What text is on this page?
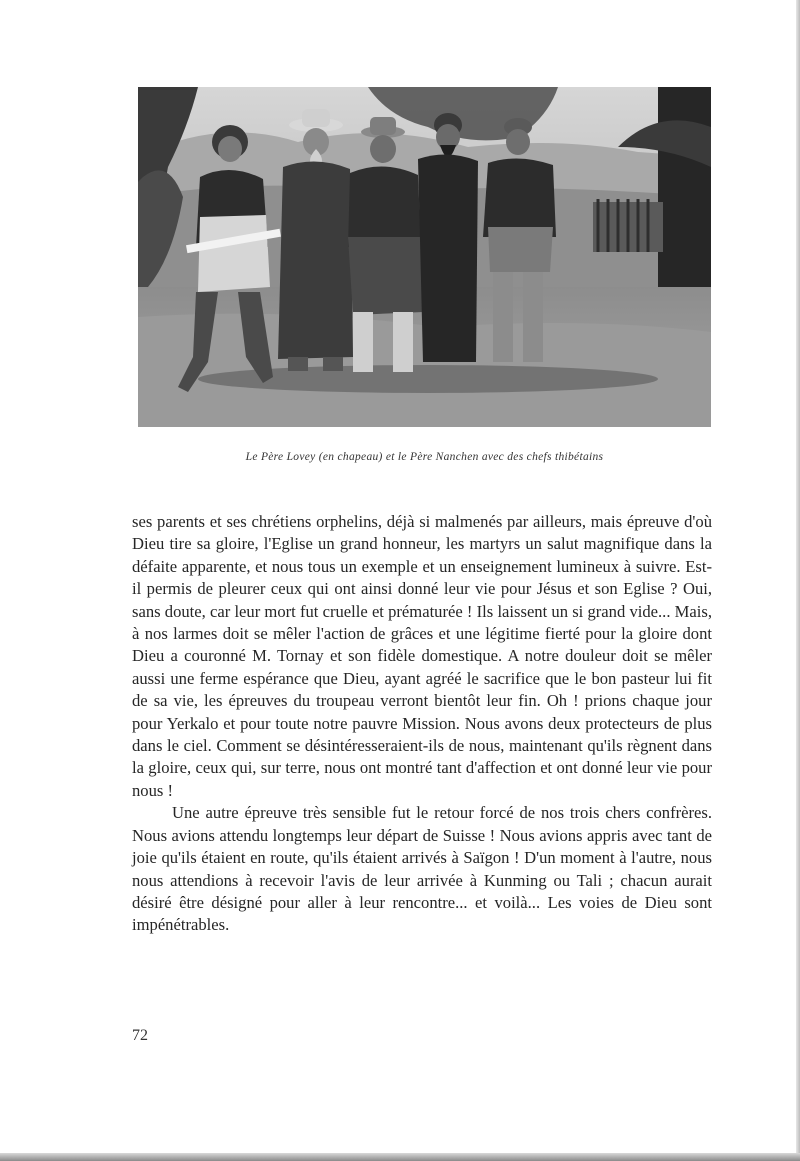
Le Père Lovey (en chapeau) et le Père Nanchen avec des chefs thibétains

ses parents et ses chrétiens orphelins, déjà si malmenés par ailleurs, mais épreuve d'où Dieu tire sa gloire, l'Eglise un grand honneur, les martyrs un salut magnifique dans la défaite apparente, et nous tous un exemple et un enseignement lumineux à suivre. Est-il permis de pleurer ceux qui ont ainsi donné leur vie pour Jésus et son Eglise ? Oui, sans doute, car leur mort fut cruelle et prématurée ! Ils laissent un si grand vide... Mais, à nos larmes doit se mêler l'action de grâces et une légitime fierté pour la gloire dont Dieu a couronné M. Tornay et son fidèle domestique. A notre douleur doit se mêler aussi une ferme espérance que Dieu, ayant agréé le sacrifice que le bon pasteur lui fit de sa vie, les épreuves du troupeau verront bientôt leur fin. Oh ! prions chaque jour pour Yerkalo et pour toute notre pauvre Mission. Nous avons deux protecteurs de plus dans le ciel. Comment se désintéresseraient-ils de nous, maintenant qu'ils règnent dans la gloire, ceux qui, sur terre, nous ont montré tant d'affection et ont donné leur vie pour nous !

Une autre épreuve très sensible fut le retour forcé de nos trois chers confrères. Nous avions attendu longtemps leur départ de Suisse ! Nous avions appris avec tant de joie qu'ils étaient en route, qu'ils étaient arrivés à Saïgon ! D'un moment à l'autre, nous nous attendions à recevoir l'avis de leur arrivée à Kunming ou Tali ; chacun aurait désiré être désigné pour aller à leur rencontre... et voilà... Les voies de Dieu sont impénétrables.

72
